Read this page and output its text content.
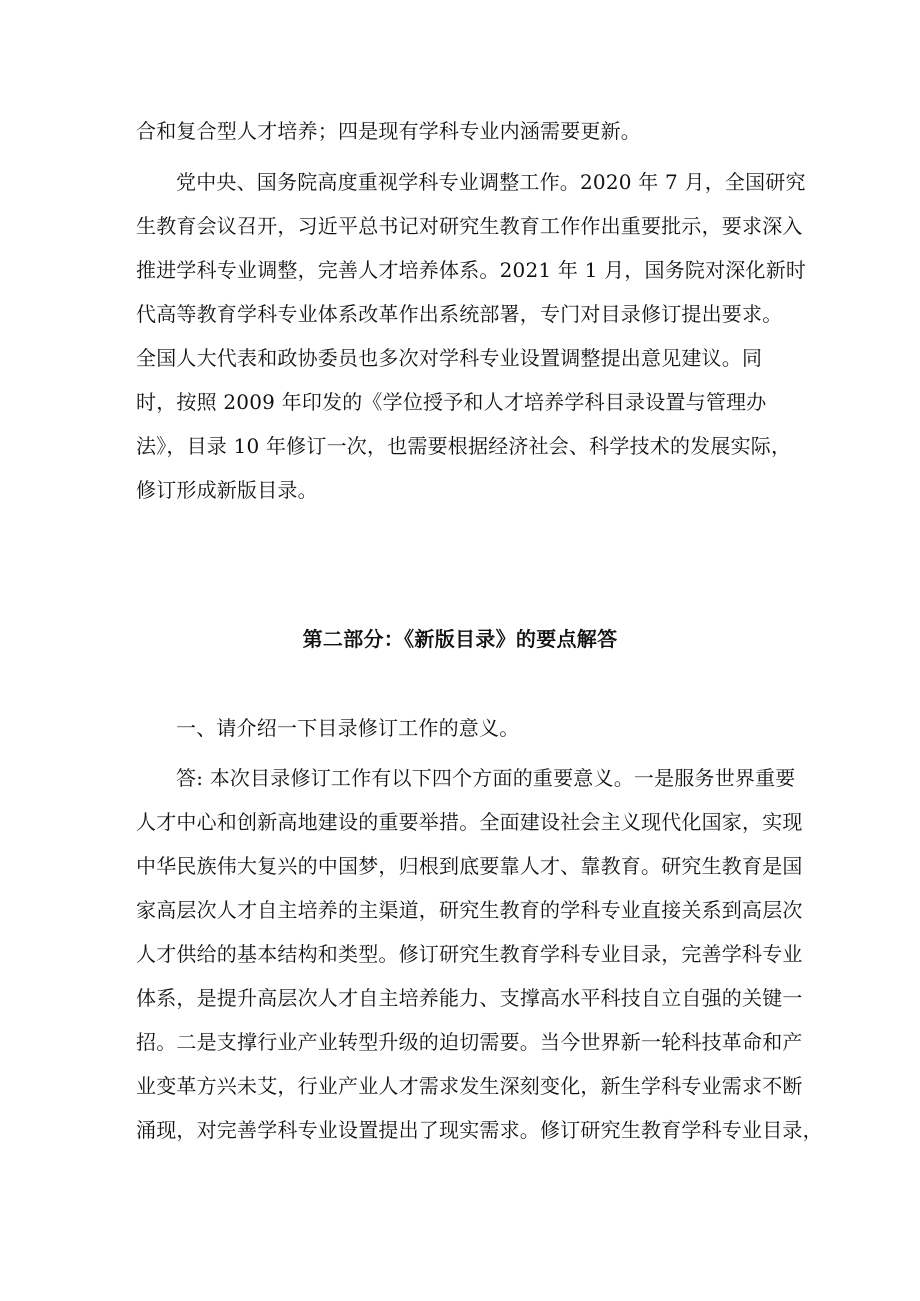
合和复合型人才培养；四是现有学科专业内涵需要更新。
党中央、国务院高度重视学科专业调整工作。2020 年 7 月，全国研究
生教育会议召开，习近平总书记对研究生教育工作作出重要批示，要求深入
推进学科专业调整，完善人才培养体系。2021 年 1 月，国务院对深化新时
代高等教育学科专业体系改革作出系统部署，专门对目录修订提出要求。
全国人大代表和政协委员也多次对学科专业设置调整提出意见建议。同
时，按照 2009 年印发的《学位授予和人才培养学科目录设置与管理办
法》，目录 10 年修订一次，也需要根据经济社会、科学技术的发展实际，
修订形成新版目录。
第二部分：《新版目录》的要点解答
一、请介绍一下目录修订工作的意义。
答: 本次目录修订工作有以下四个方面的重要意义。一是服务世界重要
人才中心和创新高地建设的重要举措。全面建设社会主义现代化国家，实现
中华民族伟大复兴的中国梦，归根到底要靠人才、靠教育。研究生教育是国
家高层次人才自主培养的主渠道，研究生教育的学科专业直接关系到高层次
人才供给的基本结构和类型。修订研究生教育学科专业目录，完善学科专业
体系，是提升高层次人才自主培养能力、支撑高水平科技自立自强的关键一
招。二是支撑行业产业转型升级的迫切需要。当今世界新一轮科技革命和产
业变革方兴未艾，行业产业人才需求发生深刻变化，新生学科专业需求不断
涌现，对完善学科专业设置提出了现实需求。修订研究生教育学科专业目录，
